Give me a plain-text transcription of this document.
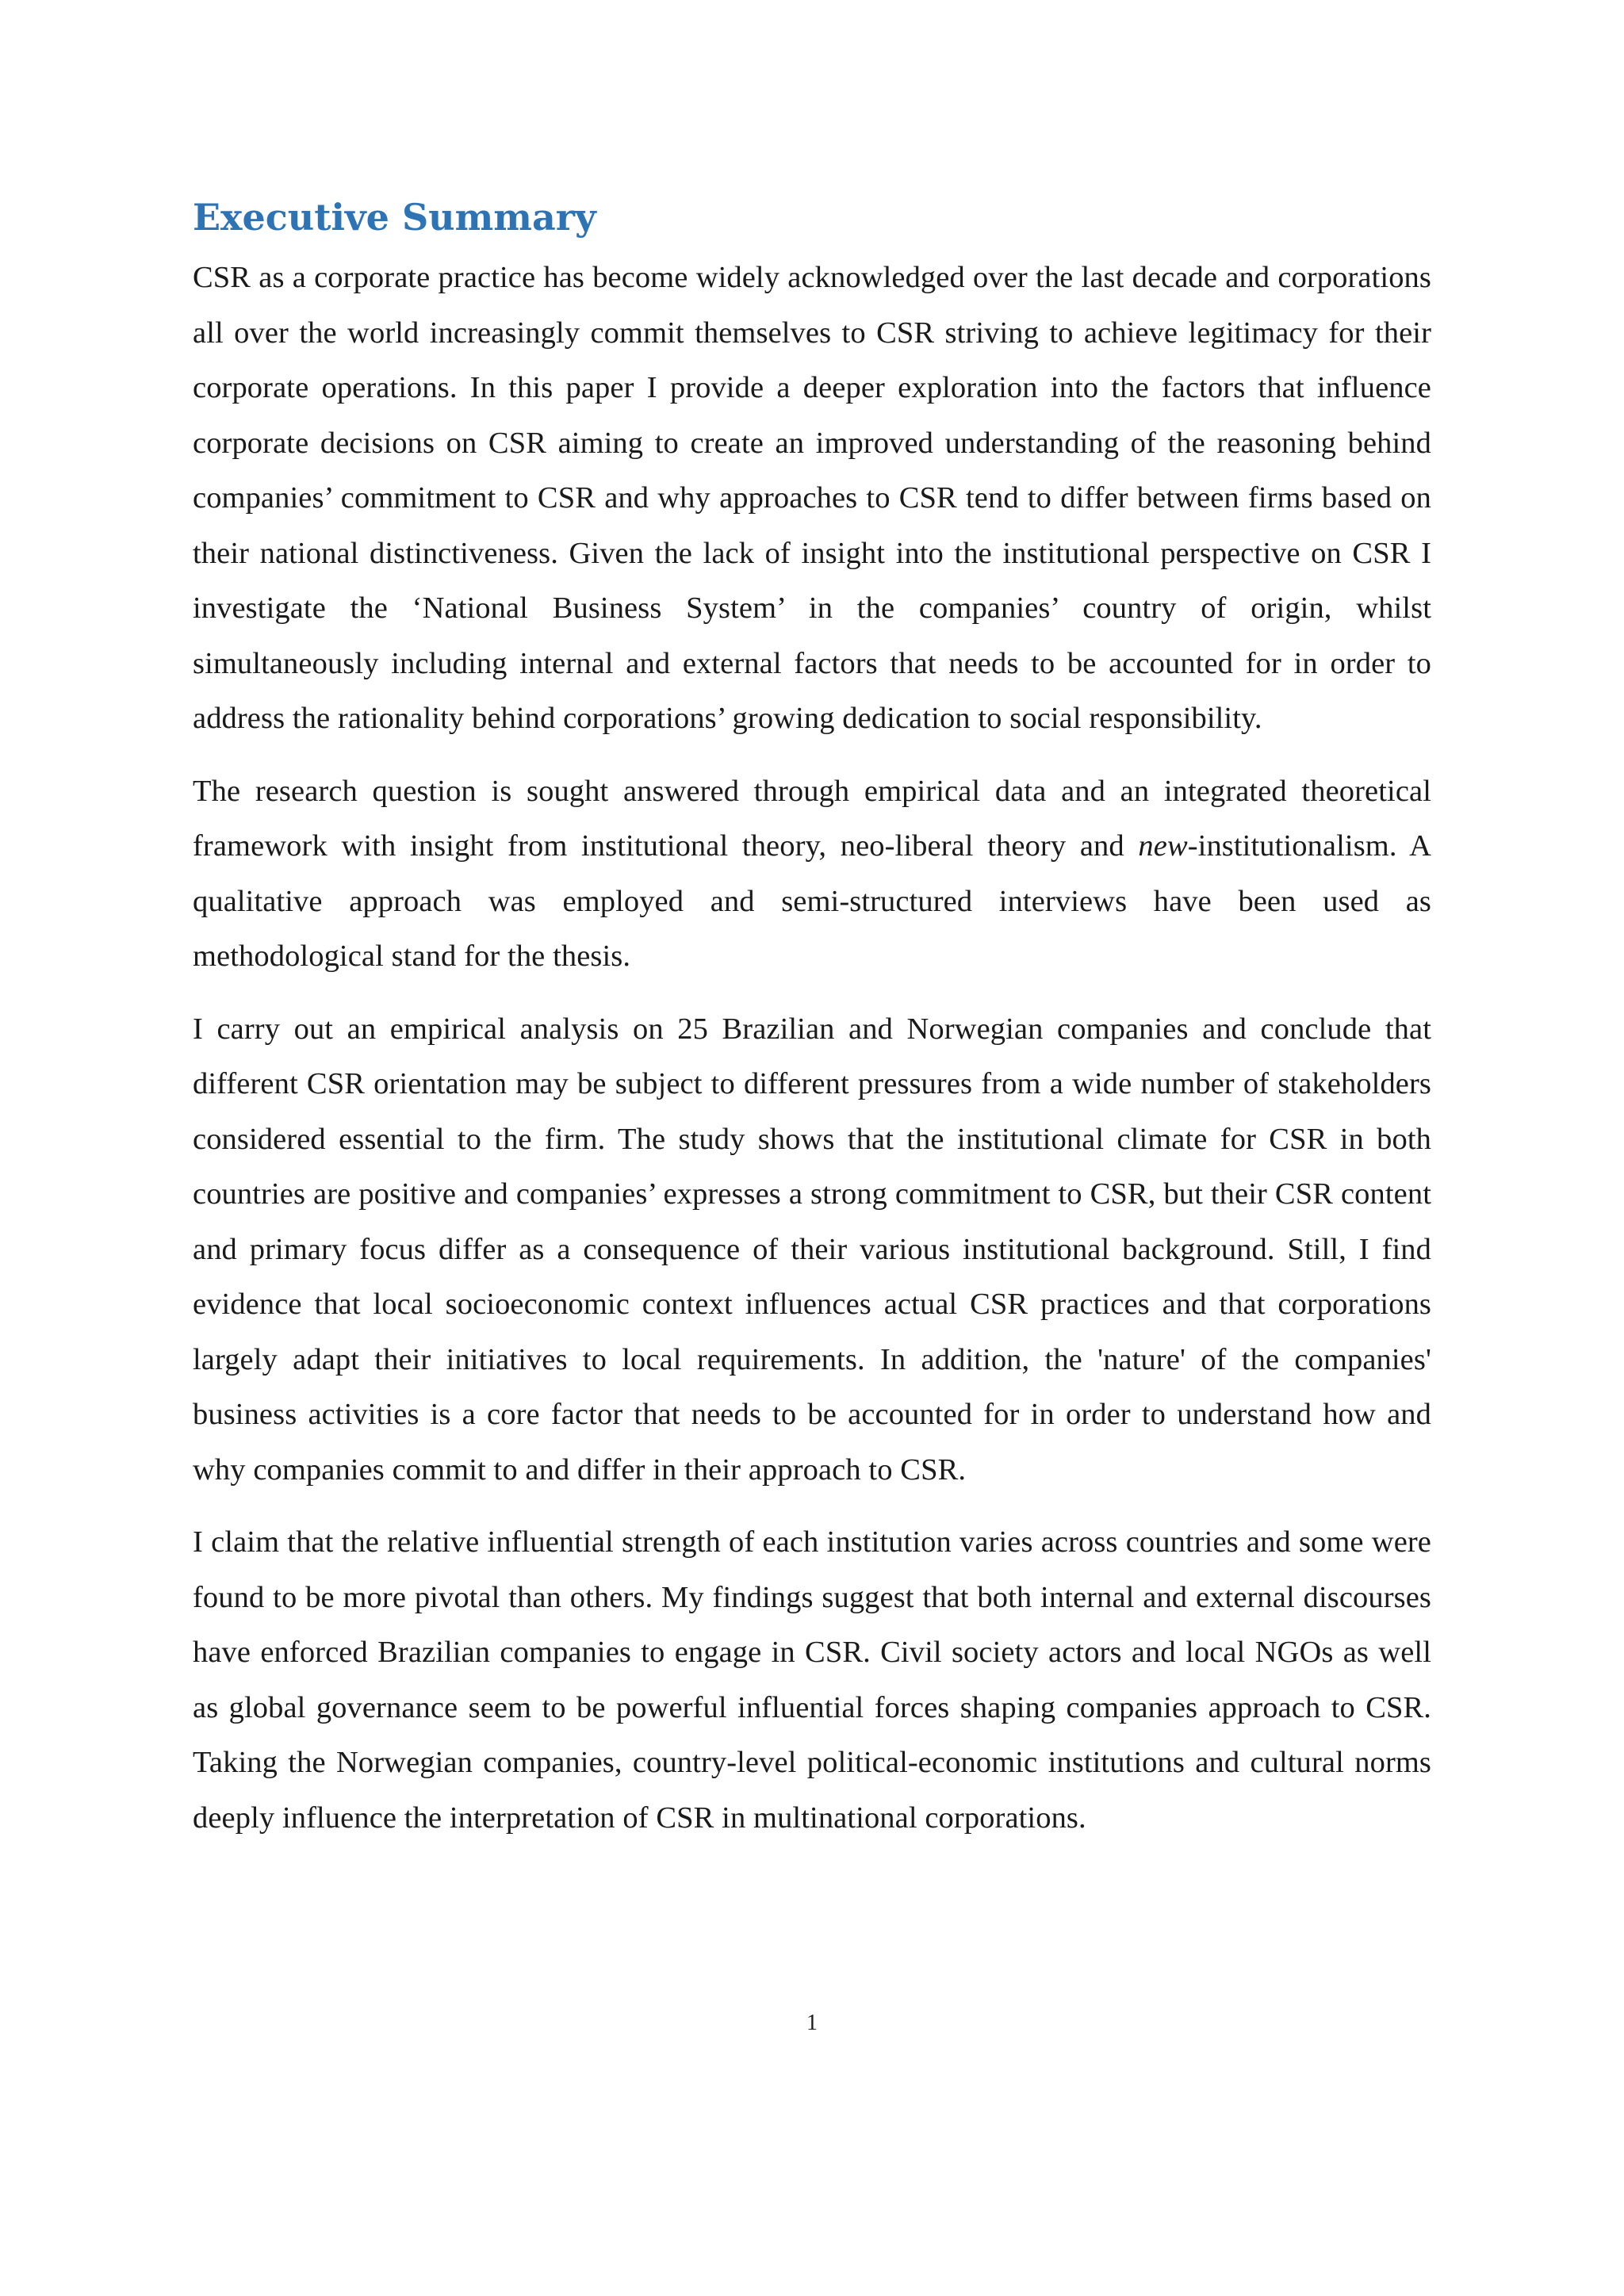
Executive Summary

CSR as a corporate practice has become widely acknowledged over the last decade and corporations all over the world increasingly commit themselves to CSR striving to achieve legitimacy for their corporate operations. In this paper I provide a deeper exploration into the factors that influence corporate decisions on CSR aiming to create an improved understanding of the reasoning behind companies’ commitment to CSR and why approaches to CSR tend to differ between firms based on their national distinctiveness. Given the lack of insight into the institutional perspective on CSR I investigate the ‘National Business System’ in the companies’ country of origin, whilst simultaneously including internal and external factors that needs to be accounted for in order to address the rationality behind corporations’ growing dedication to social responsibility.

The research question is sought answered through empirical data and an integrated theoretical framework with insight from institutional theory, neo-liberal theory and new-institutionalism. A qualitative approach was employed and semi-structured interviews have been used as methodological stand for the thesis.

I carry out an empirical analysis on 25 Brazilian and Norwegian companies and conclude that different CSR orientation may be subject to different pressures from a wide number of stakeholders considered essential to the firm. The study shows that the institutional climate for CSR in both countries are positive and companies’ expresses a strong commitment to CSR, but their CSR content and primary focus differ as a consequence of their various institutional background. Still, I find evidence that local socioeconomic context influences actual CSR practices and that corporations largely adapt their initiatives to local requirements. In addition, the 'nature' of the companies' business activities is a core factor that needs to be accounted for in order to understand how and why companies commit to and differ in their approach to CSR.

I claim that the relative influential strength of each institution varies across countries and some were found to be more pivotal than others. My findings suggest that both internal and external discourses have enforced Brazilian companies to engage in CSR. Civil society actors and local NGOs as well as global governance seem to be powerful influential forces shaping companies approach to CSR. Taking the Norwegian companies, country-level political-economic institutions and cultural norms deeply influence the interpretation of CSR in multinational corporations.

1
